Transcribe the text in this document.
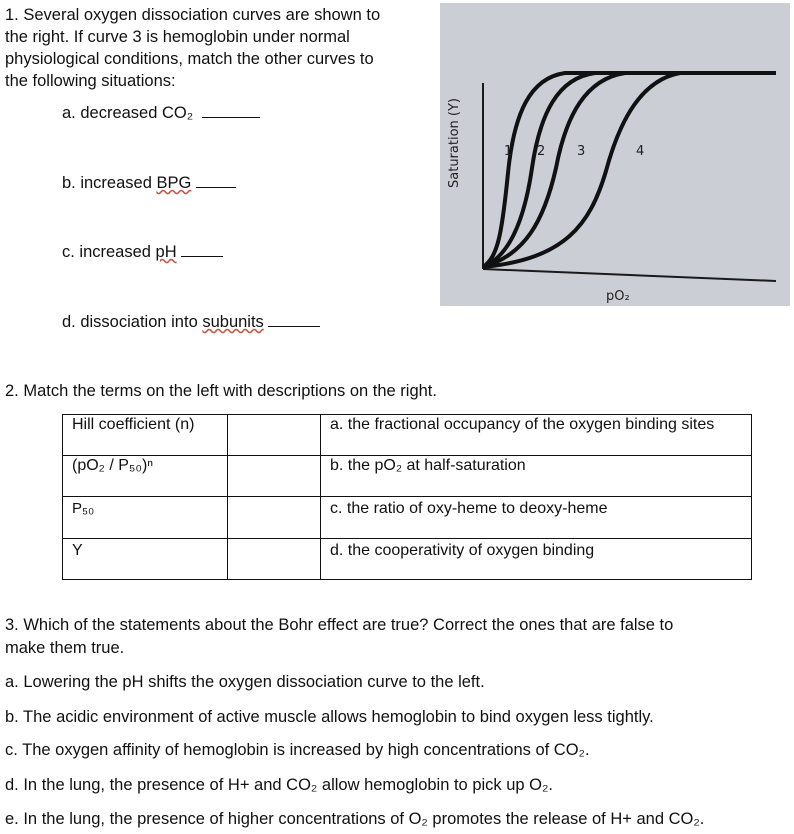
1. Several oxygen dissociation curves are shown to
the right. If curve 3 is hemoglobin under normal
physiological conditions, match the other curves to
the following situations:
a. decreased CO₂
b. increased BPG
c. increased pH
d. dissociation into subunits
1 2 3	4
Saturation (Y)
pO₂
2. Match the terms on the left with descriptions on the right.
Hill coefficient (n)		a. the fractional occupancy of the oxygen binding sites
(pO₂ / P₅₀)ⁿ		b. the pO₂ at half-saturation
P₅₀		c. the ratio of oxy-heme to deoxy-heme
Y		d. the cooperativity of oxygen binding
3. Which of the statements about the Bohr effect are true? Correct the ones that are false to
make them true.
a. Lowering the pH shifts the oxygen dissociation curve to the left.
b. The acidic environment of active muscle allows hemoglobin to bind oxygen less tightly.
c. The oxygen affinity of hemoglobin is increased by high concentrations of CO₂.
d. In the lung, the presence of H+ and CO₂ allow hemoglobin to pick up O₂.
e. In the lung, the presence of higher concentrations of O₂ promotes the release of H+ and CO₂.
